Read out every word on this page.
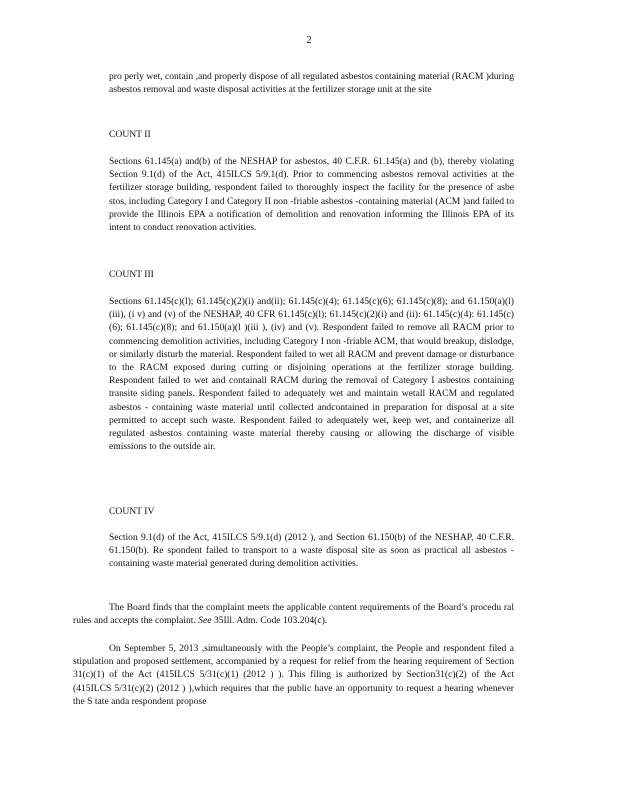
2

pro perly wet, contain ,and properly dispose of all regulated asbestos containing material (RACM )during asbestos removal and waste disposal activities at the fertilizer storage unit at the site

COUNT II

Sections 61.145(a) and(b) of the NESHAP for asbestos, 40 C.F.R. 61.145(a) and (b), thereby violating Section 9.1(d) of the Act, 415ILCS 5/9.1(d). Prior to commencing asbestos removal activities at the fertilizer storage building, respondent failed to thoroughly inspect the facility for the presence of asbe stos, including Category I and Category II non -friable asbestos -containing material (ACM )and failed to provide the Illinois EPA a notification of demolition and renovation informing the Illinois EPA of its intent to conduct renovation activities.

COUNT III

Sections 61.145(c)(l); 61.145(c)(2)(i) and(ii); 61.145(c)(4); 61.145(c)(6); 61.145(c)(8); and 61.150(a)(l)(iii), (i v) and (v) of the NESHAP, 40 CFR 61.145(c)(l); 61.145(c)(2)(i) and (ii): 61.145(c)(4): 61.145(c)(6); 61.145(c)(8); and 61.150(a)(l )(iii ), (iv) and (v). Respondent failed to remove all RACM prior to commencing demolition activities, including Category I non -friable ACM, that would breakup, dislodge, or similarly disturb the material. Respondent failed to wet all RACM and prevent damage or disturbance to the RACM exposed during cutting or disjoining operations at the fertilizer storage building. Respondent failed to wet and containall RACM during the removal of Category I asbestos containing transite siding panels. Respondent failed to adequately wet and maintain wetall RACM and regulated asbestos - containing waste material until collected andcontained in preparation for disposal at a site permitted to accept such waste. Respondent failed to adequately wet, keep wet, and containerize all regulated asbestos containing waste material thereby causing or allowing the discharge of visible emissions to the outside air.

COUNT IV

Section 9.1(d) of the Act, 415ILCS 5/9.1(d) (2012 ), and Section 61.150(b) of the NESHAP, 40 C.F.R. 61.150(b). Re spondent failed to transport to a waste disposal site as soon as practical all asbestos - containing waste material generated during demolition activities.

The Board finds that the complaint meets the applicable content requirements of the Board’s procedu ral rules and accepts the complaint. See 35Ill. Adm. Code 103.204(c).

On September 5, 2013 ,simultaneously with the People’s complaint, the People and respondent filed a stipulation and proposed settlement, accompanied by a request for relief from the hearing requirement of Section 31(c)(1) of the Act (415ILCS 5/31(c)(1) (2012 ) ). This filing is authorized by Section31(c)(2) of the Act (415ILCS 5/31(c)(2) (2012 ) ),which requires that the public have an opportunity to request a hearing whenever the S tate anda respondent propose
